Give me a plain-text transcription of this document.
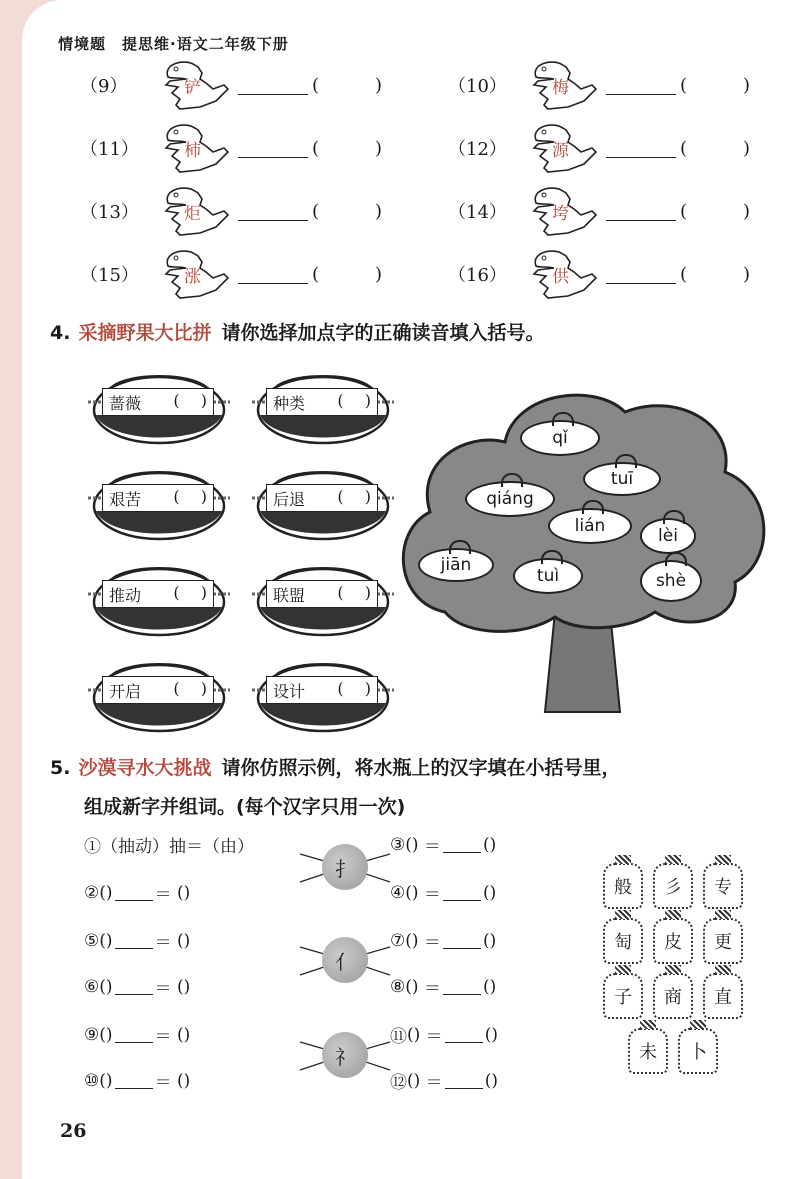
情境题　提思维·语文二年级下册
（9）	铲	(	)	（10）	梅	(	)
（11）	柿	(	)	（12）	源	(	)
（13）	炬	(	)	（14）	垮	(	)
（15）	涨	(	)	（16）	供	(	)
4. 采摘野果大比拼 请你选择加点字的正确读音填入括号。
蔷薇 (  )	种类 (  )
艰苦 (  )	后退 (  )
推动 (  )	联盟 (  )
开启 (  )	设计 (  )
qǐ
tuī
qiáng
lián	lèi
jiān
tuì	shè
5. 沙漠寻水大挑战 请你仿照示例，将水瓶上的汉字填在小括号里，
组成新字并组词。(每个汉字只用一次)
①（抽动）抽＝（由）
② ( ) ＝ ( )
⑤ ( ) ＝ ( )
⑥ ( ) ＝ ( )
⑨ ( ) ＝ ( )
⑩ ( ) ＝ ( )
③ ( ) ＝ ( )
④ ( ) ＝ ( )
⑦ ( ) ＝ ( )
⑧ ( ) ＝ ( )
⑪ ( ) ＝ ( )
⑫ ( ) ＝ ( )
扌
亻
礻
般	彡	专
匋	皮	更
子	商	直
未	卜
26
